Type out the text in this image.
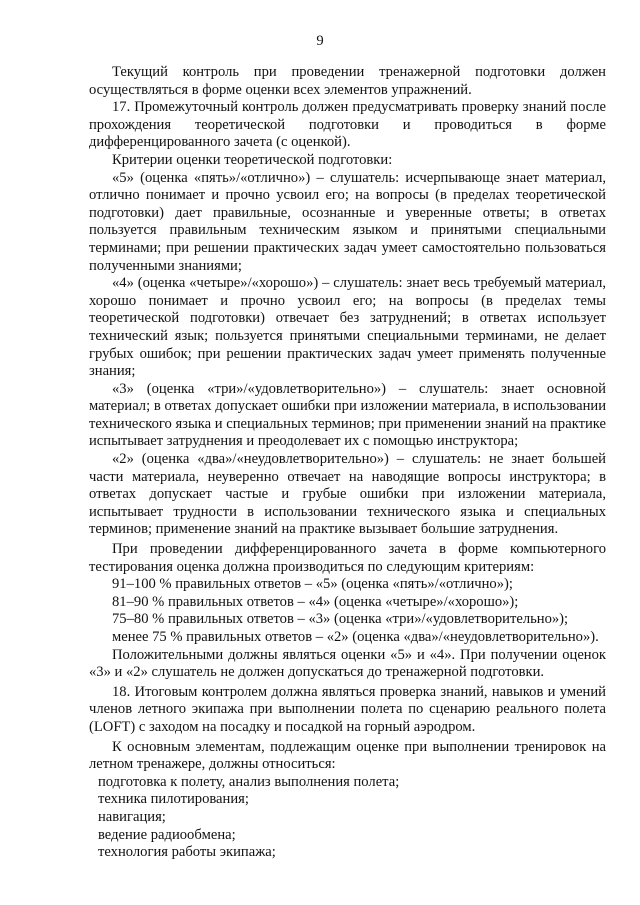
9

Текущий контроль при проведении тренажерной подготовки должен осуществляться в форме оценки всех элементов упражнений.

17. Промежуточный контроль должен предусматривать проверку знаний после прохождения теоретической подготовки и проводиться в форме дифференцированного зачета (с оценкой).

Критерии оценки теоретической подготовки:

«5» (оценка «пять»/«отлично») – слушатель: исчерпывающе знает материал, отлично понимает и прочно усвоил его; на вопросы (в пределах теоретической подготовки) дает правильные, осознанные и уверенные ответы; в ответах пользуется правильным техническим языком и принятыми специальными терминами; при решении практических задач умеет самостоятельно пользоваться полученными знаниями;

«4» (оценка «четыре»/«хорошо») – слушатель: знает весь требуемый материал, хорошо понимает и прочно усвоил его; на вопросы (в пределах темы теоретической подготовки) отвечает без затруднений; в ответах использует технический язык; пользуется принятыми специальными терминами, не делает грубых ошибок; при решении практических задач умеет применять полученные знания;

«3» (оценка «три»/«удовлетворительно») – слушатель: знает основной материал; в ответах допускает ошибки при изложении материала, в использовании технического языка и специальных терминов; при применении знаний на практике испытывает затруднения и преодолевает их с помощью инструктора;

«2» (оценка «два»/«неудовлетворительно») – слушатель: не знает большей части материала, неуверенно отвечает на наводящие вопросы инструктора; в ответах допускает частые и грубые ошибки при изложении материала, испытывает трудности в использовании технического языка и специальных терминов; применение знаний на практике вызывает большие затруднения.

При проведении дифференцированного зачета в форме компьютерного тестирования оценка должна производиться по следующим критериям:

91–100 % правильных ответов – «5» (оценка «пять»/«отлично»);

81–90 % правильных ответов – «4» (оценка «четыре»/«хорошо»);

75–80 % правильных ответов – «3» (оценка «три»/«удовлетворительно»);

менее 75 % правильных ответов – «2» (оценка «два»/«неудовлетворительно»).

Положительными должны являться оценки «5» и «4». При получении оценок «3» и «2» слушатель не должен допускаться до тренажерной подготовки.

18. Итоговым контролем должна являться проверка знаний, навыков и умений членов летного экипажа при выполнении полета по сценарию реального полета (LOFT) с заходом на посадку и посадкой на горный аэродром.

К основным элементам, подлежащим оценке при выполнении тренировок на летном тренажере, должны относиться:

подготовка к полету, анализ выполнения полета;

техника пилотирования;

навигация;

ведение радиообмена;

технология работы экипажа;
